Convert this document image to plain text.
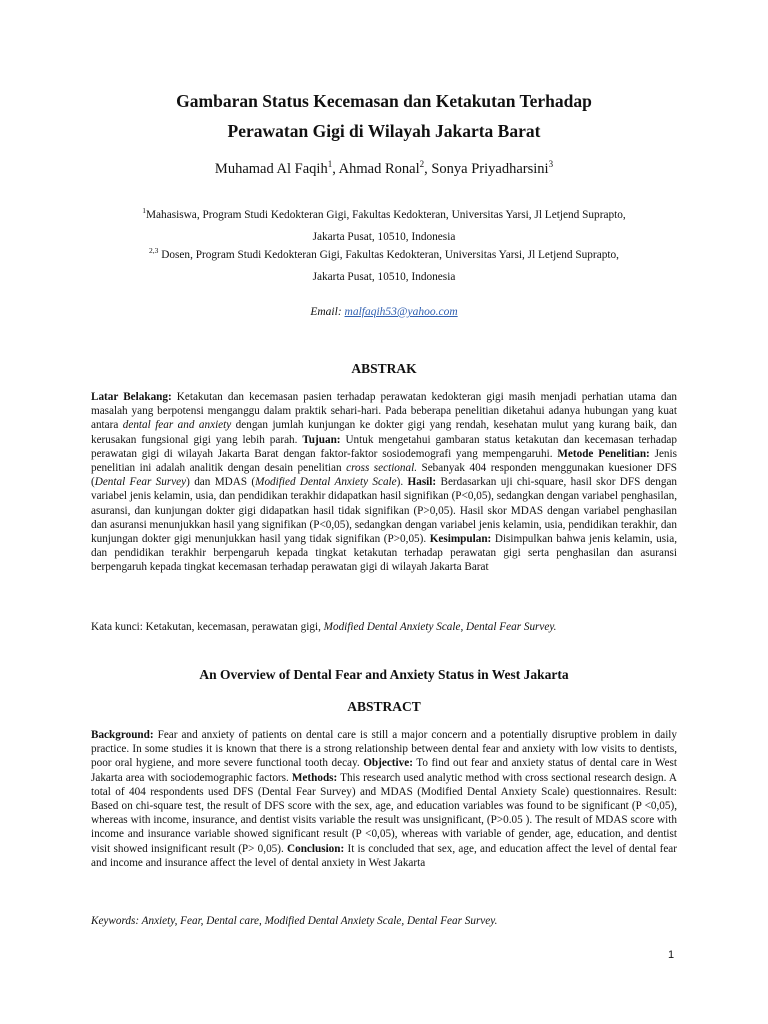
Gambaran Status Kecemasan dan Ketakutan Terhadap
Perawatan Gigi di Wilayah Jakarta Barat
Muhamad Al Faqih$^1$, Ahmad Ronal$^2$, Sonya Priyadharsini$^3$
$^1$Mahasiswa, Program Studi Kedokteran Gigi, Fakultas Kedokteran, Universitas Yarsi, Jl Letjend Suprapto,
Jakarta Pusat, 10510, Indonesia
$^{2,3}$ Dosen, Program Studi Kedokteran Gigi, Fakultas Kedokteran, Universitas Yarsi, Jl Letjend Suprapto,
Jakarta Pusat, 10510, Indonesia
Email: malfaqih53@yahoo.com
ABSTRAK

Latar Belakang: Ketakutan dan kecemasan pasien terhadap perawatan kedokteran gigi masih menjadi perhatian utama dan masalah yang berpotensi menganggu dalam praktik sehari-hari. Pada beberapa penelitian diketahui adanya hubungan yang kuat antara dental fear and anxiety dengan jumlah kunjungan ke dokter gigi yang rendah, kesehatan mulut yang kurang baik, dan kerusakan fungsional gigi yang lebih parah. Tujuan: Untuk mengetahui gambaran status ketakutan dan kecemasan terhadap perawatan gigi di wilayah Jakarta Barat dengan faktor-faktor sosiodemografi yang mempengaruhi. Metode Penelitian: Jenis penelitian ini adalah analitik dengan desain penelitian cross sectional. Sebanyak 404 responden menggunakan kuesioner DFS (Dental Fear Survey) dan MDAS (Modified Dental Anxiety Scale). Hasil: Berdasarkan uji chi-square, hasil skor DFS dengan variabel jenis kelamin, usia, dan pendidikan terakhir didapatkan hasil signifikan (P<0,05), sedangkan dengan variabel penghasilan, asuransi, dan kunjungan dokter gigi didapatkan hasil tidak signifikan (P>0,05). Hasil skor MDAS dengan variabel penghasilan dan asuransi menunjukkan hasil yang signifikan (P<0,05), sedangkan dengan variabel jenis kelamin, usia, pendidikan terakhir, dan kunjungan dokter gigi menunjukkan hasil yang tidak signifikan (P>0,05). Kesimpulan: Disimpulkan bahwa jenis kelamin, usia, dan pendidikan terakhir berpengaruh kepada tingkat ketakutan terhadap perawatan gigi serta penghasilan dan asuransi berpengaruh kepada tingkat kecemasan terhadap perawatan gigi di wilayah Jakarta Barat

Kata kunci: Ketakutan, kecemasan, perawatan gigi, Modified Dental Anxiety Scale, Dental Fear Survey.

An Overview of Dental Fear and Anxiety Status in West Jakarta
ABSTRACT

Background: Fear and anxiety of patients on dental care is still a major concern and a potentially disruptive problem in daily practice. In some studies it is known that there is a strong relationship between dental fear and anxiety with low visits to dentists, poor oral hygiene, and more severe functional tooth decay. Objective: To find out fear and anxiety status of dental care in West Jakarta area with sociodemographic factors. Methods: This research used analytic method with cross sectional research design. A total of 404 respondents used DFS (Dental Fear Survey) and MDAS (Modified Dental Anxiety Scale) questionnaires. Result: Based on chi-square test, the result of DFS score with the sex, age, and education variables was found to be significant (P <0,05), whereas with income, insurance, and dentist visits variable the result was unsignificant, (P>0.05 ). The result of MDAS score with income and insurance variable showed significant result (P <0,05), whereas with variable of gender, age, education, and dentist visit showed insignificant result (P> 0,05). Conclusion: It is concluded that sex, age, and education affect the level of dental fear and income and insurance affect the level of dental anxiety in West Jakarta

Keywords: Anxiety, Fear, Dental care, Modified Dental Anxiety Scale, Dental Fear Survey.

1
